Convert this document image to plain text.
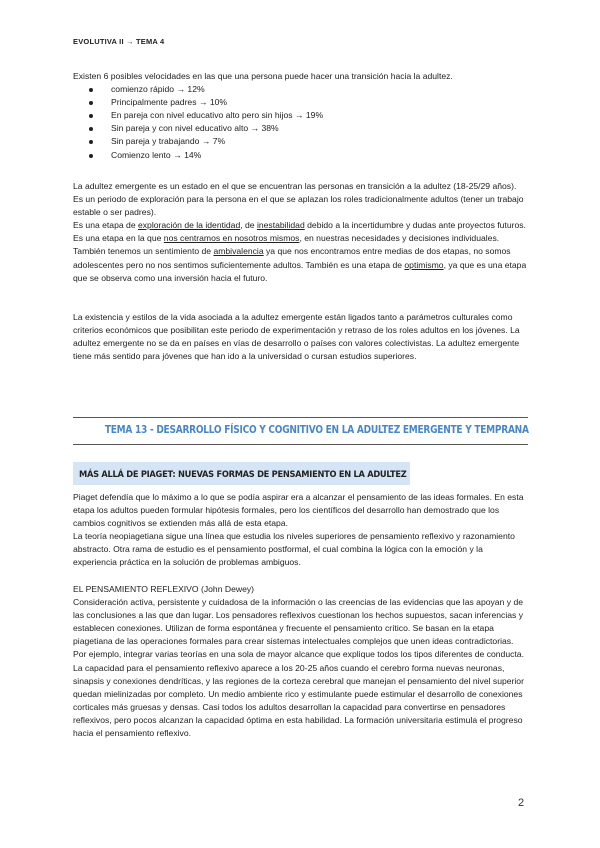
EVOLUTIVA II → TEMA 4

Existen 6 posibles velocidades en las que una persona puede hacer una transición hacia la adultez.

comienzo rápido → 12%
Principalmente padres → 10%
En pareja con nivel educativo alto pero sin hijos → 19%
Sin pareja y con nivel educativo alto → 38%
Sin pareja y trabajando → 7%
Comienzo lento → 14%

La adultez emergente es un estado en el que se encuentran las personas en transición a la adultez (18-25/29 años). Es un periodo de exploración para la persona en el que se aplazan los roles tradicionalmente adultos (tener un trabajo estable o ser padres).

Es una etapa de exploración de la identidad, de inestabilidad debido a la incertidumbre y dudas ante proyectos futuros. Es una etapa en la que nos centramos en nosotros mismos, en nuestras necesidades y decisiones individuales. También tenemos un sentimiento de ambivalencia ya que nos encontramos entre medias de dos etapas, no somos adolescentes pero no nos sentimos suficientemente adultos. También es una etapa de optimismo, ya que es una etapa que se observa como una inversión hacia el futuro.

La existencia y estilos de la vida asociada a la adultez emergente están ligados tanto a parámetros culturales como criterios económicos que posibilitan este periodo de experimentación y retraso de los roles adultos en los jóvenes. La adultez emergente no se da en países en vías de desarrollo o países con valores colectivistas. La adultez emergente tiene más sentido para jóvenes que han ido a la universidad o cursan estudios superiores.

TEMA 13 - DESARROLLO FÍSICO Y COGNITIVO EN LA ADULTEZ EMERGENTE Y TEMPRANA
MÁS ALLÁ DE PIAGET: NUEVAS FORMAS DE PENSAMIENTO EN LA ADULTEZ

Piaget defendía que lo máximo a lo que se podía aspirar era a alcanzar el pensamiento de las ideas formales. En esta etapa los adultos pueden formular hipótesis formales, pero los científicos del desarrollo han demostrado que los cambios cognitivos se extienden más allá de esta etapa.

La teoría neopiagetiana sigue una línea que estudia los niveles superiores de pensamiento reflexivo y razonamiento abstracto. Otra rama de estudio es el pensamiento postformal, el cual combina la lógica con la emoción y la experiencia práctica en la solución de problemas ambiguos.

EL PENSAMIENTO REFLEXIVO (John Dewey)

Consideración activa, persistente y cuidadosa de la información o las creencias de las evidencias que las apoyan y de las conclusiones a las que dan lugar. Los pensadores reflexivos cuestionan los hechos supuestos, sacan inferencias y establecen conexiones. Utilizan de forma espontánea y frecuente el pensamiento crítico. Se basan en la etapa piagetiana de las operaciones formales para crear sistemas intelectuales complejos que unen ideas contradictorias. Por ejemplo, integrar varias teorías en una sola de mayor alcance que explique todos los tipos diferentes de conducta.

La capacidad para el pensamiento reflexivo aparece a los 20-25 años cuando el cerebro forma nuevas neuronas, sinapsis y conexiones dendríticas, y las regiones de la corteza cerebral que manejan el pensamiento del nivel superior quedan mielinizadas por completo. Un medio ambiente rico y estimulante puede estimular el desarrollo de conexiones corticales más gruesas y densas. Casi todos los adultos desarrollan la capacidad para convertirse en pensadores reflexivos, pero pocos alcanzan la capacidad óptima en esta habilidad. La formación universitaria estimula el progreso hacia el pensamiento reflexivo.

2
